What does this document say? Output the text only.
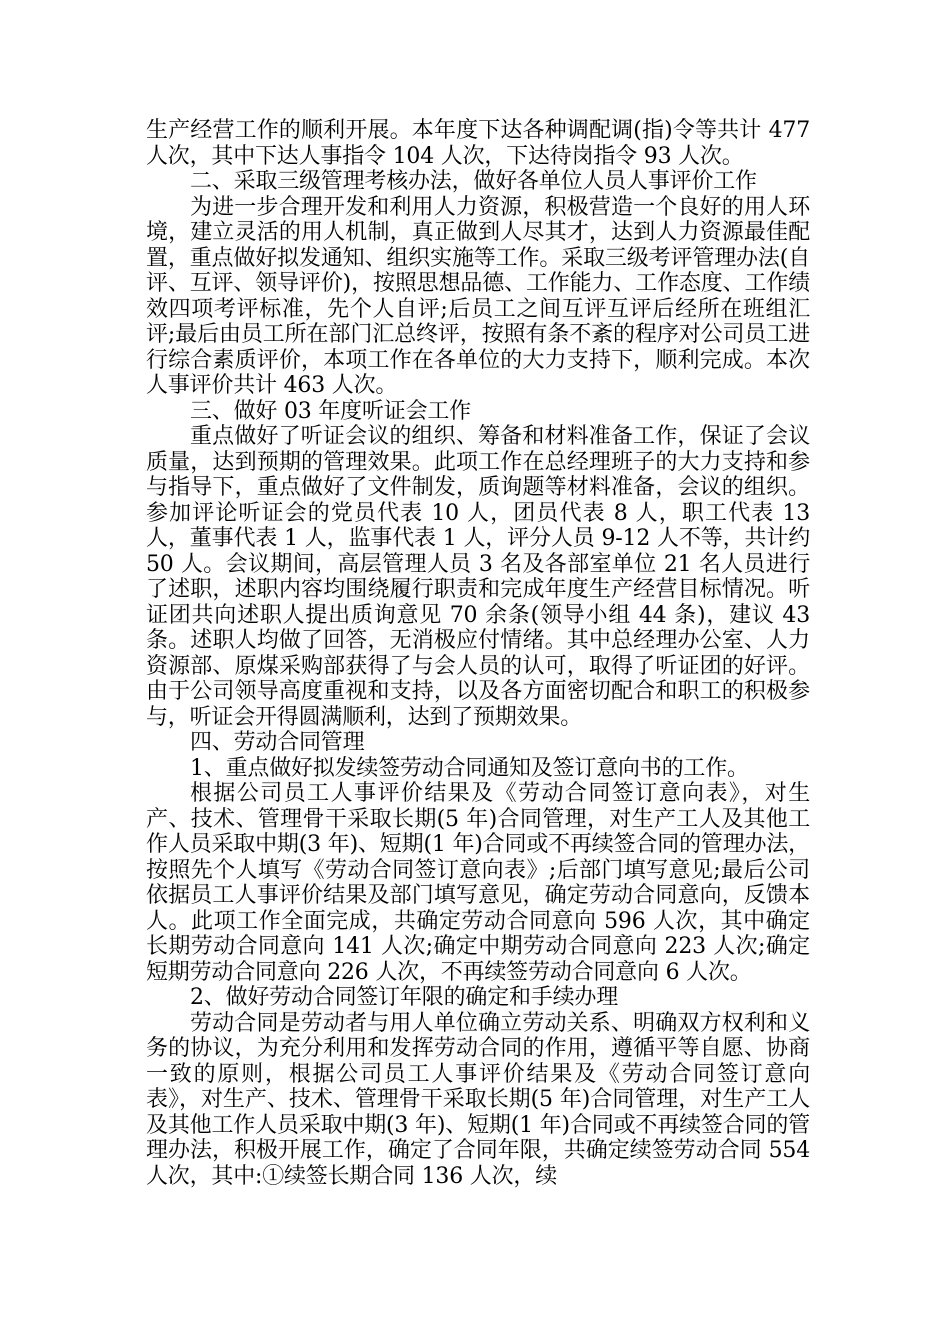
生产经营工作的顺利开展。本年度下达各种调配调(指)令等共计 477 人次，其中下达人事指令 104 人次，下达待岗指令 93 人次。

二、采取三级管理考核办法，做好各单位人员人事评价工作

为进一步合理开发和利用人力资源，积极营造一个良好的用人环境，建立灵活的用人机制，真正做到人尽其才，达到人力资源最佳配置，重点做好拟发通知、组织实施等工作。采取三级考评管理办法(自评、互评、领导评价)，按照思想品德、工作能力、工作态度、工作绩效四项考评标准，先个人自评;后员工之间互评互评后经所在班组汇评;最后由员工所在部门汇总终评，按照有条不紊的程序对公司员工进行综合素质评价，本项工作在各单位的大力支持下，顺利完成。本次人事评价共计 463 人次。

三、做好 03 年度听证会工作

重点做好了听证会议的组织、筹备和材料准备工作，保证了会议质量，达到预期的管理效果。此项工作在总经理班子的大力支持和参与指导下，重点做好了文件制发，质询题等材料准备，会议的组织。参加评论听证会的党员代表 10 人，团员代表 8 人，职工代表 13 人，董事代表 1 人，监事代表 1 人，评分人员 9-12 人不等，共计约 50 人。会议期间，高层管理人员 3 名及各部室单位 21 名人员进行了述职，述职内容均围绕履行职责和完成年度生产经营目标情况。听证团共向述职人提出质询意见 70 余条(领导小组 44 条)，建议 43 条。述职人均做了回答，无消极应付情绪。其中总经理办公室、人力资源部、原煤采购部获得了与会人员的认可，取得了听证团的好评。由于公司领导高度重视和支持，以及各方面密切配合和职工的积极参与，听证会开得圆满顺利，达到了预期效果。

四、劳动合同管理

1、重点做好拟发续签劳动合同通知及签订意向书的工作。

根据公司员工人事评价结果及《劳动合同签订意向表》，对生产、技术、管理骨干采取长期(5 年)合同管理，对生产工人及其他工作人员采取中期(3 年)、短期(1 年)合同或不再续签合同的管理办法，按照先个人填写《劳动合同签订意向表》;后部门填写意见;最后公司依据员工人事评价结果及部门填写意见，确定劳动合同意向，反馈本人。此项工作全面完成，共确定劳动合同意向 596 人次，其中确定长期劳动合同意向 141 人次;确定中期劳动合同意向 223 人次;确定短期劳动合同意向 226 人次，不再续签劳动合同意向 6 人次。

2、做好劳动合同签订年限的确定和手续办理

劳动合同是劳动者与用人单位确立劳动关系、明确双方权利和义务的协议，为充分利用和发挥劳动合同的作用，遵循平等自愿、协商一致的原则，根据公司员工人事评价结果及《劳动合同签订意向表》，对生产、技术、管理骨干采取长期(5 年)合同管理，对生产工人及其他工作人员采取中期(3 年)、短期(1 年)合同或不再续签合同的管理办法，积极开展工作，确定了合同年限，共确定续签劳动合同 554 人次，其中:①续签长期合同 136 人次，续
